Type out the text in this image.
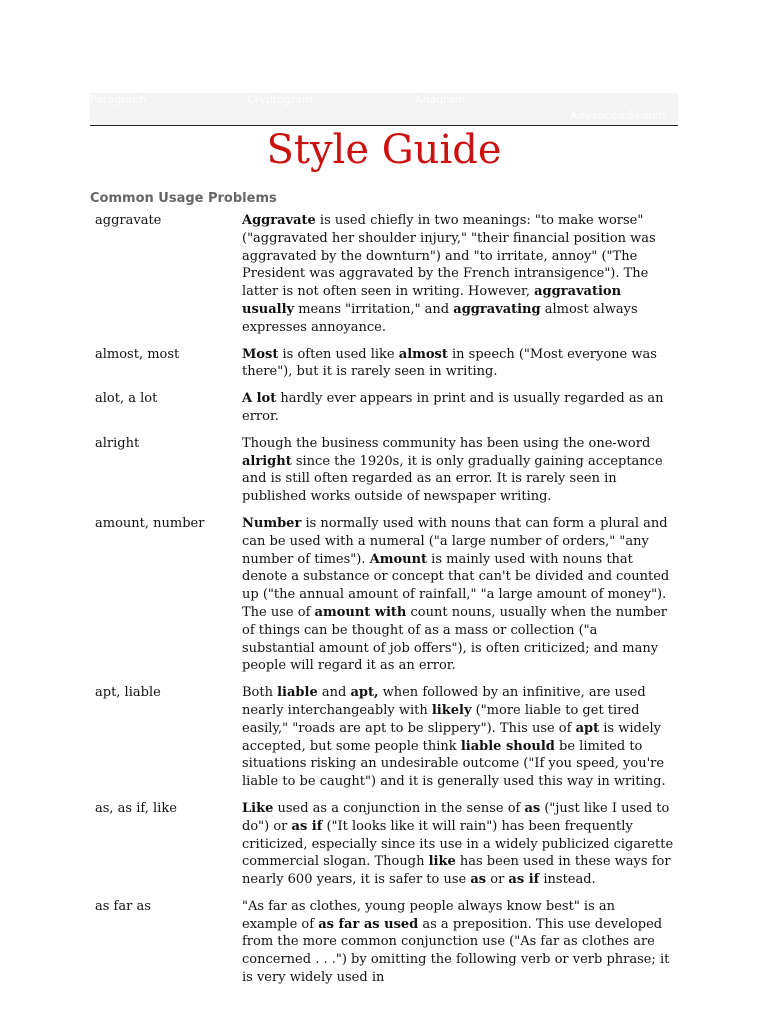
Paragraph	Cryptogram	Anagram
Advanced Search
Style Guide
Common Usage Problems
aggravate	Aggravate is used chiefly in two meanings: "to make worse" ("aggravated her shoulder injury," "their financial position was aggravated by the downturn") and "to irritate, annoy" ("The President was aggravated by the French intransigence"). The latter is not often seen in writing. However, aggravation usually means "irritation," and aggravating almost always expresses annoyance.
almost, most	Most is often used like almost in speech ("Most everyone was there"), but it is rarely seen in writing.
alot, a lot	A lot hardly ever appears in print and is usually regarded as an error.
alright	Though the business community has been using the one-word alright since the 1920s, it is only gradually gaining acceptance and is still often regarded as an error. It is rarely seen in published works outside of newspaper writing.
amount, number	Number is normally used with nouns that can form a plural and can be used with a numeral ("a large number of orders," "any number of times"). Amount is mainly used with nouns that denote a substance or concept that can't be divided and counted up ("the annual amount of rainfall," "a large amount of money"). The use of amount with count nouns, usually when the number of things can be thought of as a mass or collection ("a substantial amount of job offers"), is often criticized; and many people will regard it as an error.
apt, liable	Both liable and apt, when followed by an infinitive, are used nearly interchangeably with likely ("more liable to get tired easily," "roads are apt to be slippery"). This use of apt is widely accepted, but some people think liable should be limited to situations risking an undesirable outcome ("If you speed, you're liable to be caught") and it is generally used this way in writing.
as, as if, like	Like used as a conjunction in the sense of as ("just like I used to do") or as if ("It looks like it will rain") has been frequently criticized, especially since its use in a widely publicized cigarette commercial slogan. Though like has been used in these ways for nearly 600 years, it is safer to use as or as if instead.
as far as	"As far as clothes, young people always know best" is an example of as far as used as a preposition. This use developed from the more common conjunction use ("As far as clothes are concerned . . .") by omitting the following verb or verb phrase; it is very widely used in
